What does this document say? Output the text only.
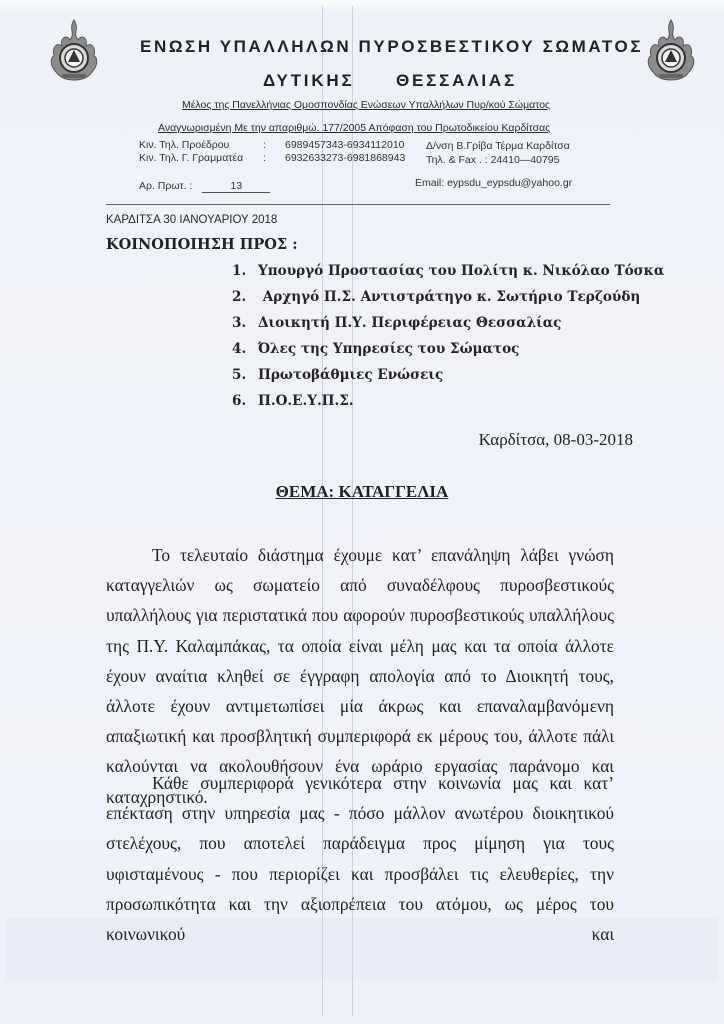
ΕΝΩΣΗ ΥΠΑΛΛΗΛΩΝ ΠΥΡΟΣΒΕΣΤΙΚΟΥ ΣΩΜΑΤΟΣ
ΔΥΤΙΚΗΣ ΘΕΣΣΑΛΙΑΣ
Μέλος της Πανελλήνιας Ομοσπονδίας Ενώσεων Υπαλλήλων Πυρ/κού Σώματος
Αναγνωρισμένη Με την απαριθμώ. 177/2005 Απόφαση του Πρωτοδικείου Καρδίτσας
Κιν. Τηλ. Προέδρου	: 6989457343-6934112010
Κιν. Τηλ. Γ. Γραμματέα : 6932633273-6981868943
Δ/νση Β.Γρίβα Τέρμα Καρδίτσα
Τηλ. & Fax . : 24410—40795
Email: eypsdu_eypsdu@yahoo.gr
Αρ. Πρωτ. :	13
ΚΑΡΔΙΤΣΑ 30 ΙΑΝΟΥΑΡΙΟΥ 2018
ΚΟΙΝΟΠΟΙΗΣΗ ΠΡΟΣ :
1. Υπουργό Προστασίας του Πολίτη κ. Νικόλαο Τόσκα
2. Αρχηγό Π.Σ. Αντιστράτηγο κ. Σωτήριο Τερζούδη
3. Διοικητή Π.Υ. Περιφέρειας Θεσσαλίας
4. Όλες της Υπηρεσίες του Σώματος
5. Πρωτοβάθμιες Ενώσεις
6. Π.Ο.Ε.Υ.Π.Σ.
Καρδίτσα, 08-03-2018
ΘΕΜΑ: ΚΑΤΑΓΓΕΛΙΑ

Το τελευταίο διάστημα έχουμε κατ’ επανάληψη λάβει γνώση καταγγελιών ως σωματείο από συναδέλφους πυροσβεστικούς υπαλλήλους για περιστατικά που αφορούν πυροσβεστικούς υπαλλήλους της Π.Υ. Καλαμπάκας, τα οποία είναι μέλη μας και τα οποία άλλοτε έχουν αναίτια κληθεί σε έγγραφη απολογία από το Διοικητή τους, άλλοτε έχουν αντιμετωπίσει μία άκρως και επαναλαμβανόμενη απαξιωτική και προσβλητική συμπεριφορά εκ μέρους του, άλλοτε πάλι καλούνται να ακολουθήσουν ένα ωράριο εργασίας παράνομο και καταχρηστικό.

Κάθε συμπεριφορά γενικότερα στην κοινωνία μας και κατ’ επέκταση στην υπηρεσία μας - πόσο μάλλον ανωτέρου διοικητικού στελέχους, που αποτελεί παράδειγμα προς μίμηση για τους υφισταμένους - που περιορίζει και προσβάλει τις ελευθερίες, την προσωπικότητα και την αξιοπρέπεια του ατόμου, ως μέρος του κοινωνικού και
